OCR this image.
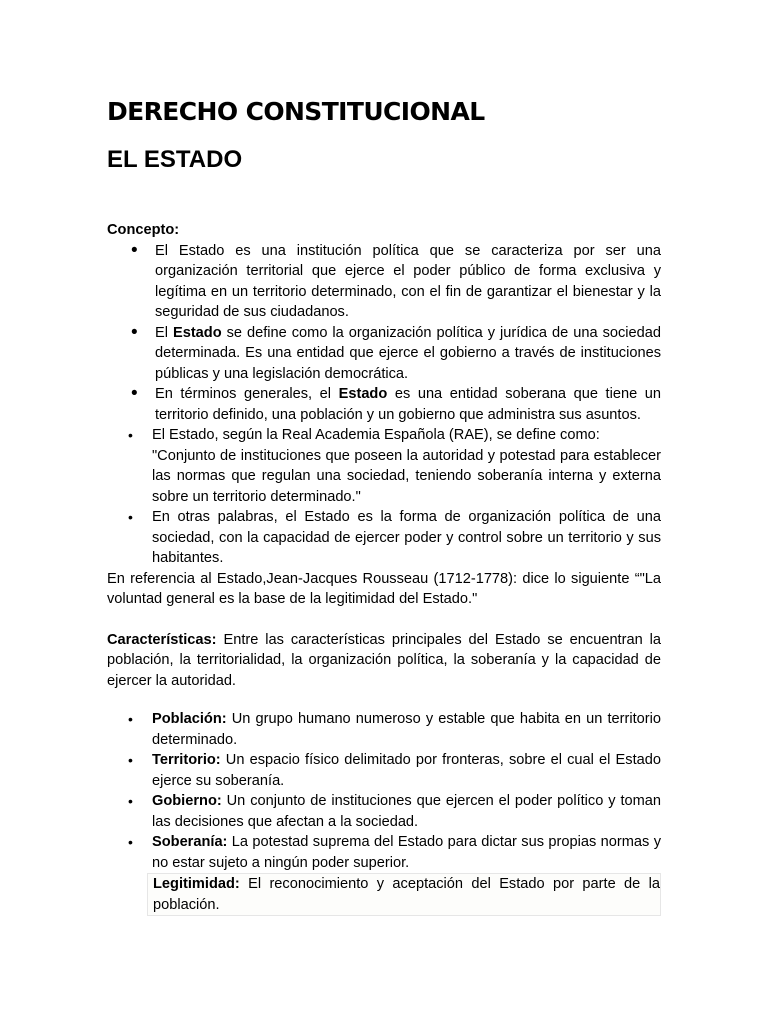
DERECHO CONSTITUCIONAL
EL ESTADO
Concepto:
• El Estado es una institución política que se caracteriza por ser una organización territorial que ejerce el poder público de forma exclusiva y legítima en un territorio determinado, con el fin de garantizar el bienestar y la seguridad de sus ciudadanos.
• El Estado se define como la organización política y jurídica de una sociedad determinada. Es una entidad que ejerce el gobierno a través de instituciones públicas y una legislación democrática.
• En términos generales, el Estado es una entidad soberana que tiene un territorio definido, una población y un gobierno que administra sus asuntos.
• El Estado, según la Real Academia Española (RAE), se define como:
"Conjunto de instituciones que poseen la autoridad y potestad para establecer las normas que regulan una sociedad, teniendo soberanía interna y externa sobre un territorio determinado."
• En otras palabras, el Estado es la forma de organización política de una sociedad, con la capacidad de ejercer poder y control sobre un territorio y sus habitantes.

En referencia al Estado,Jean-Jacques Rousseau (1712-1778): dice lo siguiente “"La voluntad general es la base de la legitimidad del Estado."

Características: Entre las características principales del Estado se encuentran la población, la territorialidad, la organización política, la soberanía y la capacidad de ejercer la autoridad.

• Población: Un grupo humano numeroso y estable que habita en un territorio determinado.
• Territorio: Un espacio físico delimitado por fronteras, sobre el cual el Estado ejerce su soberanía.
• Gobierno: Un conjunto de instituciones que ejercen el poder político y toman las decisiones que afectan a la sociedad.
• Soberanía: La potestad suprema del Estado para dictar sus propias normas y no estar sujeto a ningún poder superior.
Legitimidad: El reconocimiento y aceptación del Estado por parte de la población.
